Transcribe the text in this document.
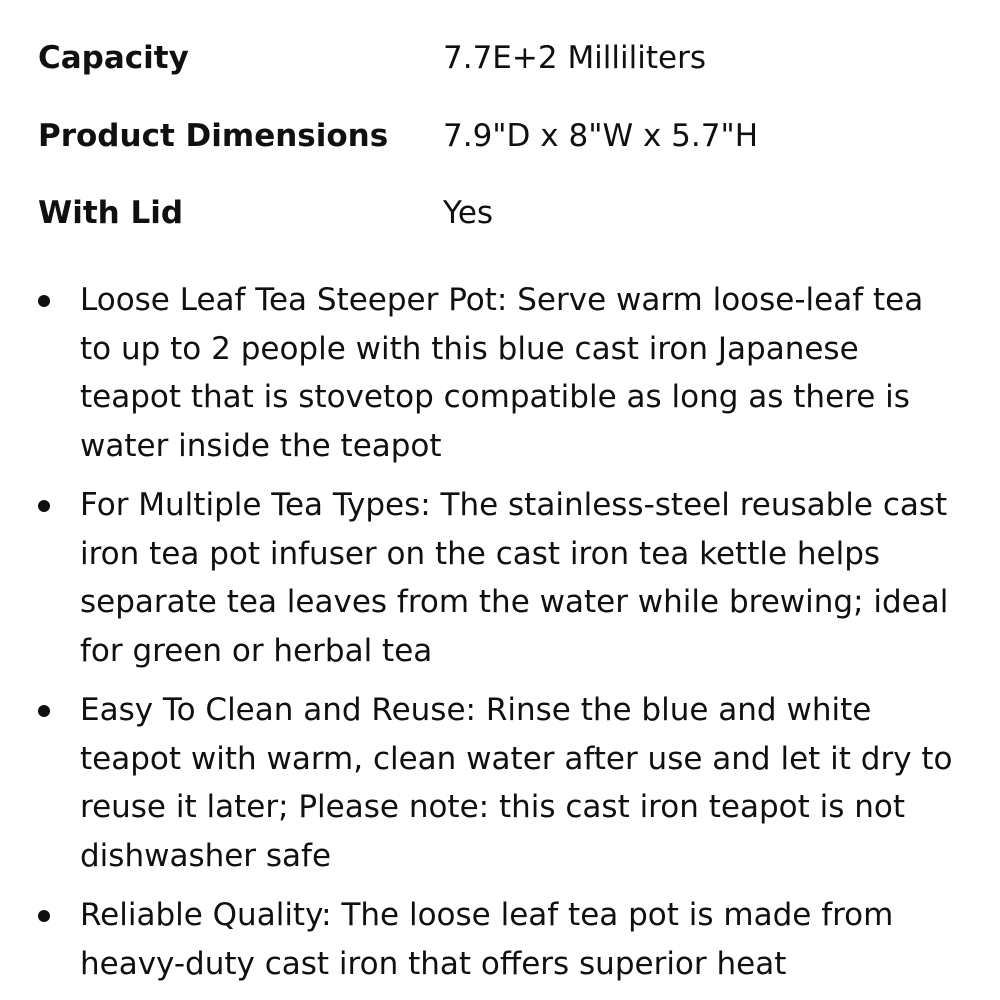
Capacity	7.7E+2 Milliliters
Product Dimensions 7.9"D x 8"W x 5.7"H
With Lid	Yes
Loose Leaf Tea Steeper Pot: Serve warm loose-leaf tea to up to 2 people with this blue cast iron Japanese teapot that is stovetop compatible as long as there is water inside the teapot
For Multiple Tea Types: The stainless-steel reusable cast iron tea pot infuser on the cast iron tea kettle helps separate tea leaves from the water while brewing; ideal for green or herbal tea
Easy To Clean and Reuse: Rinse the blue and white teapot with warm, clean water after use and let it dry to reuse it later; Please note: this cast iron teapot is not dishwasher safe
Reliable Quality: The loose leaf tea pot is made from heavy-duty cast iron that offers superior heat
